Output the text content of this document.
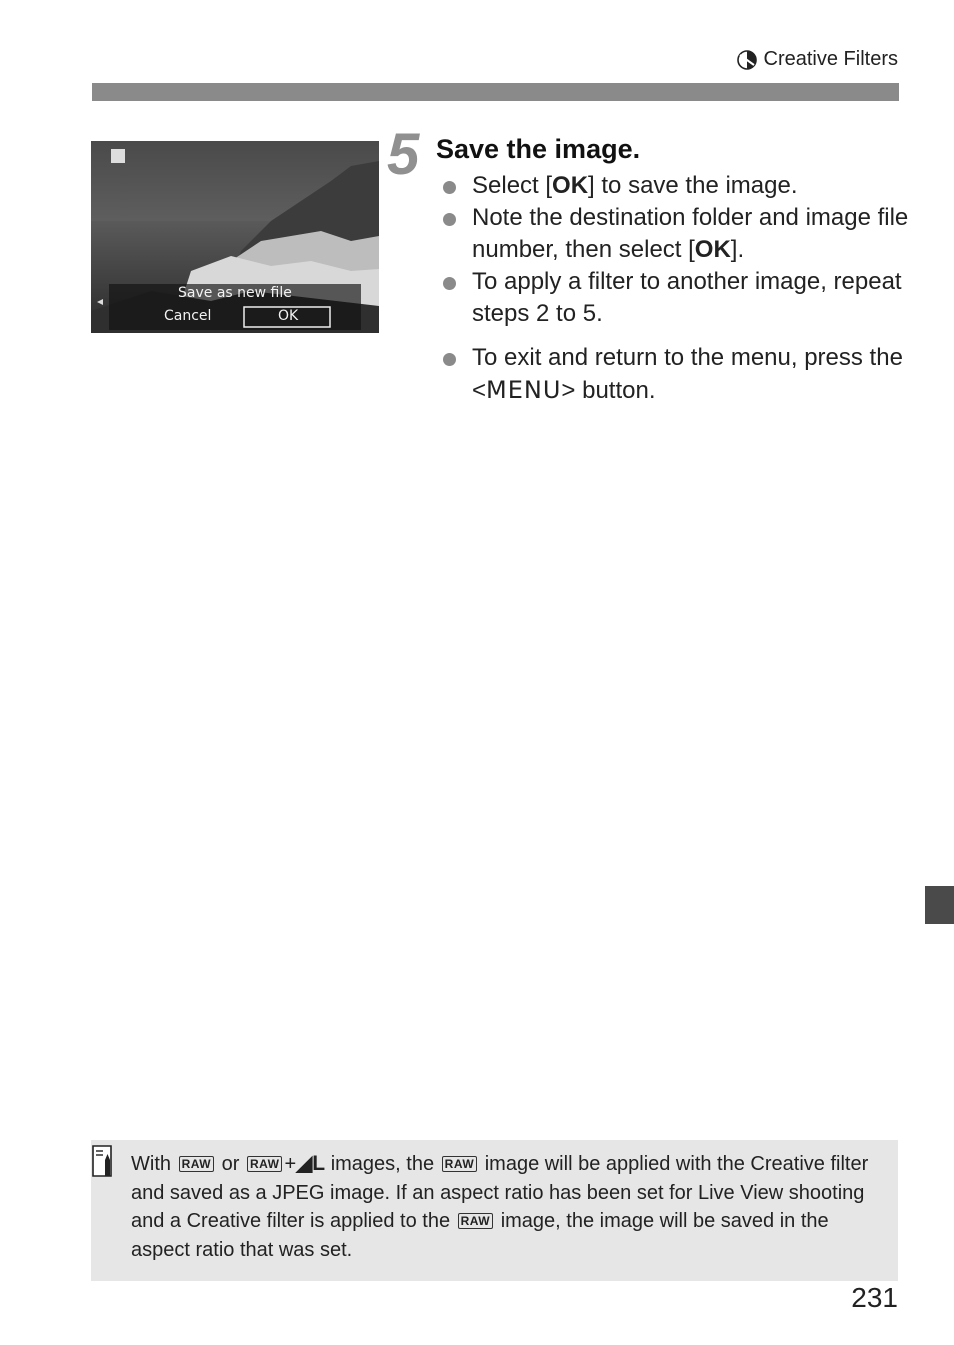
Creative Filters
Save as new file
Cancel	OK
5 Save the image.
Select [OK] to save the image.
Note the destination folder and image file number, then select [OK].
To apply a filter to another image, repeat steps 2 to 5.
To exit and return to the menu, press the <MENU> button.
With RAW or RAW +◢L images, the RAW image will be applied with the Creative filter and saved as a JPEG image. If an aspect ratio has been set for Live View shooting and a Creative filter is applied to the RAW image, the image will be saved in the aspect ratio that was set.
231
